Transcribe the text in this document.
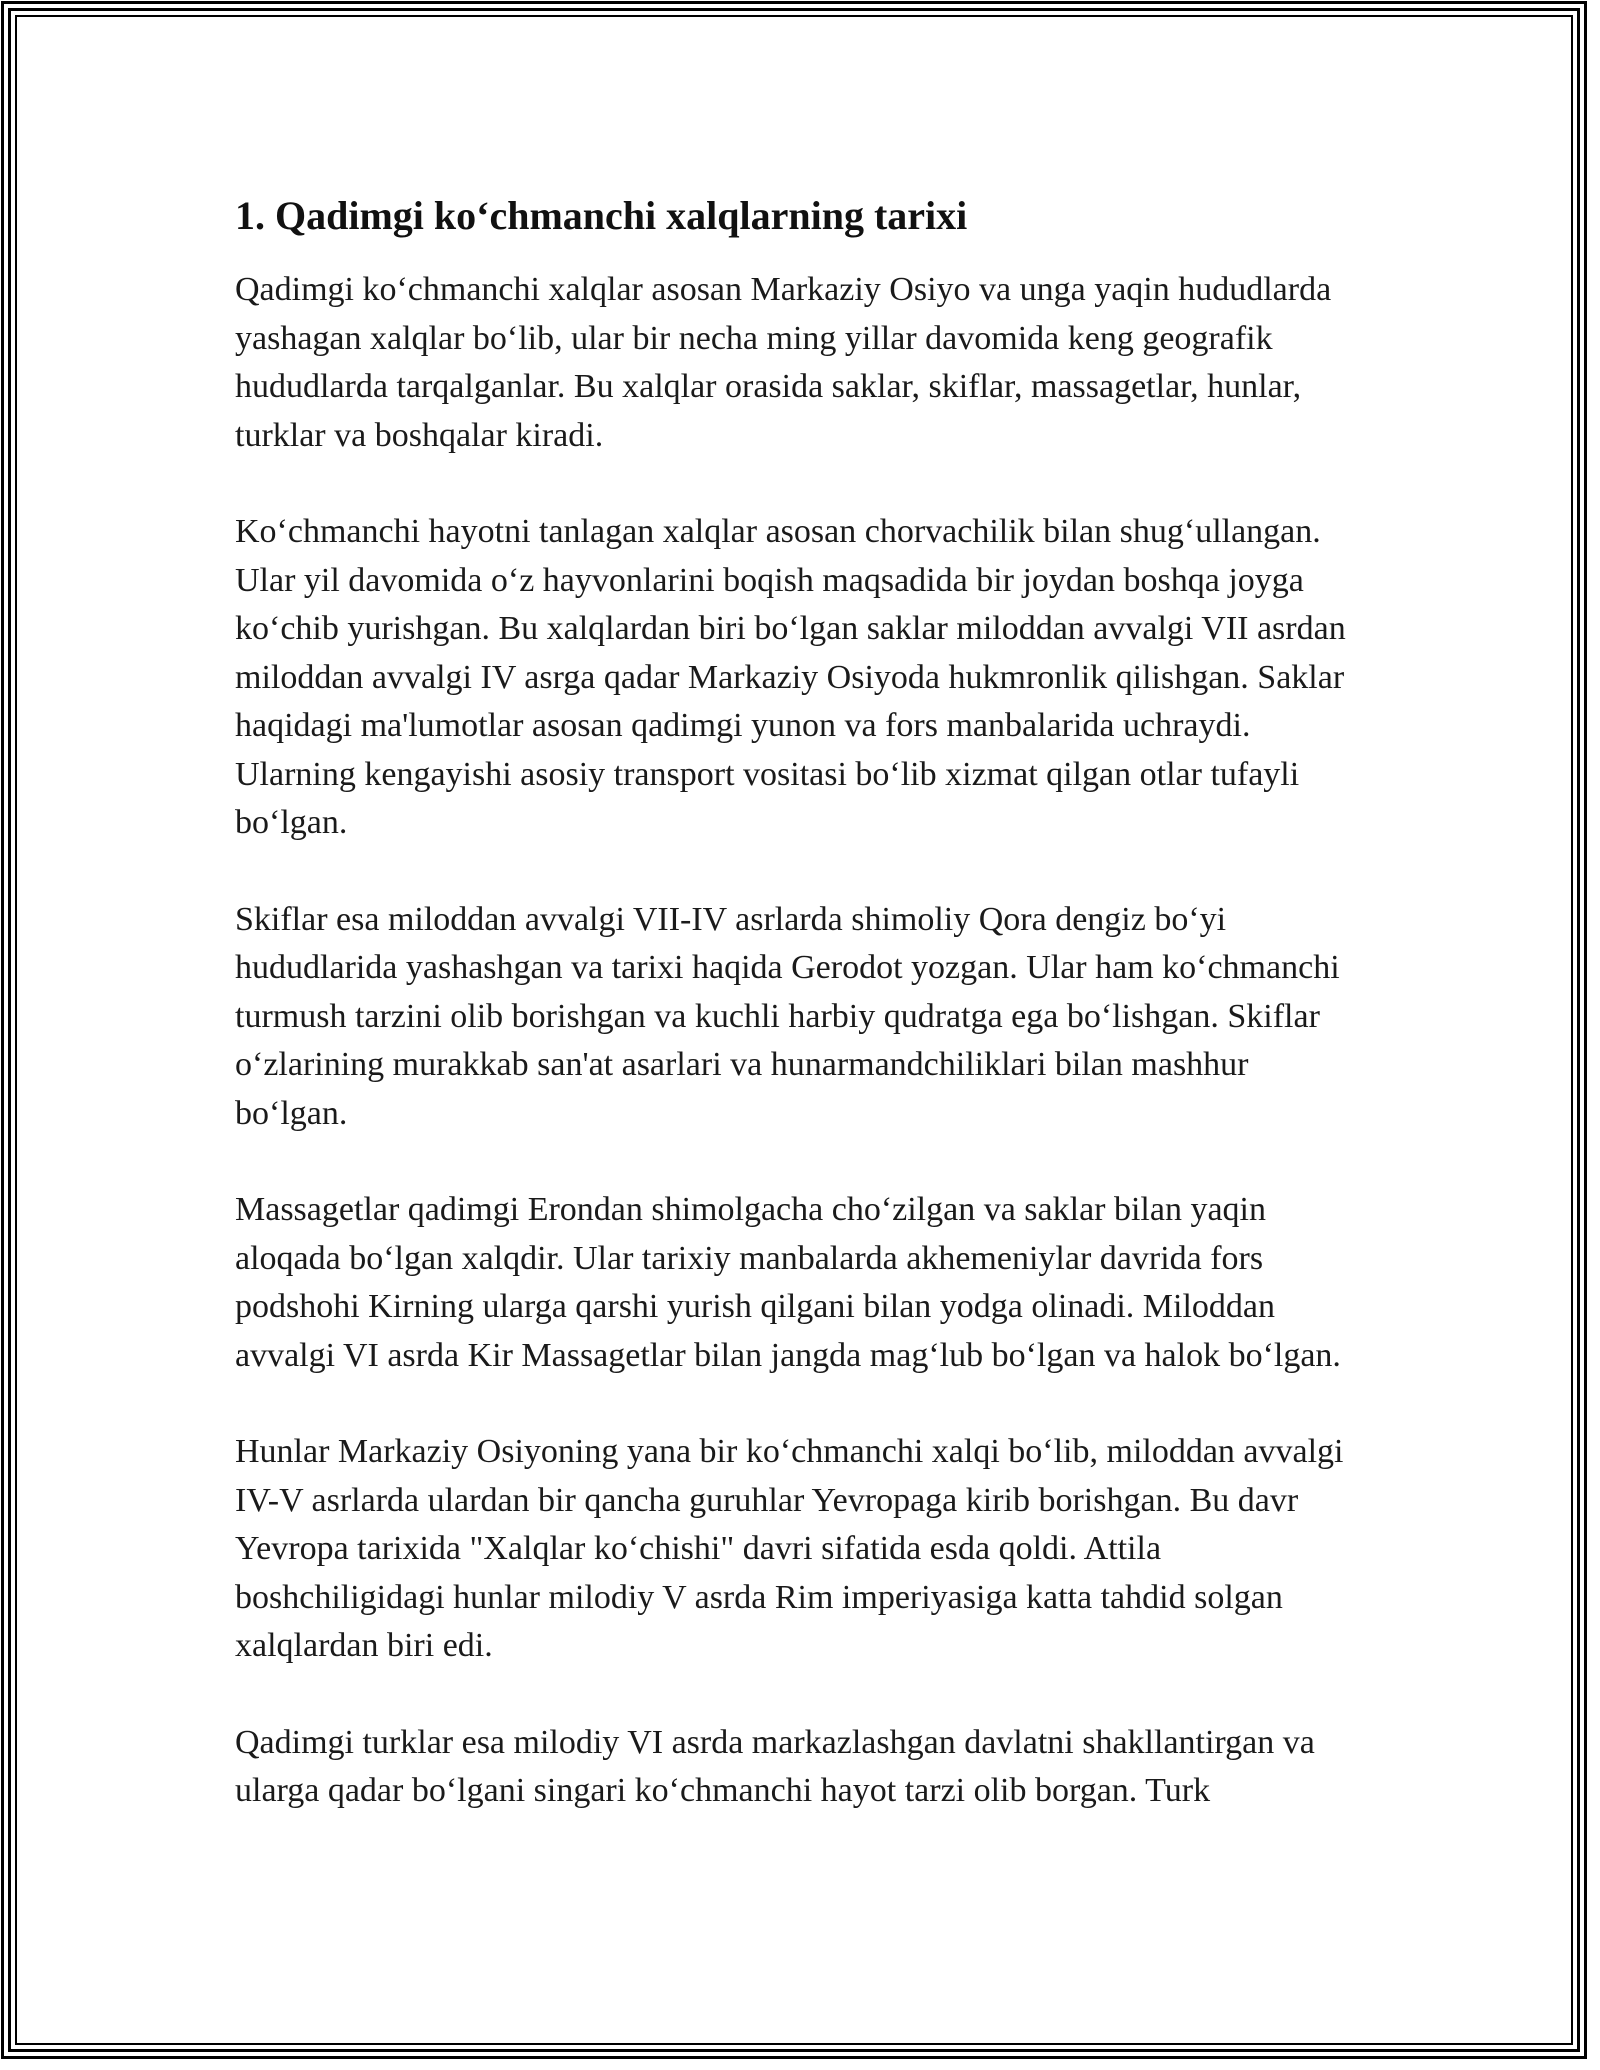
1. Qadimgi ko‘chmanchi xalqlarning tarixi

Qadimgi ko‘chmanchi xalqlar asosan Markaziy Osiyo va unga yaqin hududlarda yashagan xalqlar bo‘lib, ular bir necha ming yillar davomida keng geografik hududlarda tarqalganlar. Bu xalqlar orasida saklar, skiflar, massagetlar, hunlar, turklar va boshqalar kiradi.

Ko‘chmanchi hayotni tanlagan xalqlar asosan chorvachilik bilan shug‘ullangan. Ular yil davomida o‘z hayvonlarini boqish maqsadida bir joydan boshqa joyga ko‘chib yurishgan. Bu xalqlardan biri bo‘lgan saklar miloddan avvalgi VII asrdan miloddan avvalgi IV asrga qadar Markaziy Osiyoda hukmronlik qilishgan. Saklar haqidagi ma'lumotlar asosan qadimgi yunon va fors manbalarida uchraydi. Ularning kengayishi asosiy transport vositasi bo‘lib xizmat qilgan otlar tufayli bo‘lgan.

Skiflar esa miloddan avvalgi VII-IV asrlarda shimoliy Qora dengiz bo‘yi hududlarida yashashgan va tarixi haqida Gerodot yozgan. Ular ham ko‘chmanchi turmush tarzini olib borishgan va kuchli harbiy qudratga ega bo‘lishgan. Skiflar o‘zlarining murakkab san'at asarlari va hunarmandchiliklari bilan mashhur bo‘lgan.

Massagetlar qadimgi Erondan shimolgacha cho‘zilgan va saklar bilan yaqin aloqada bo‘lgan xalqdir. Ular tarixiy manbalarda akhemeniylar davrida fors podshohi Kirning ularga qarshi yurish qilgani bilan yodga olinadi. Miloddan avvalgi VI asrda Kir Massagetlar bilan jangda mag‘lub bo‘lgan va halok bo‘lgan.

Hunlar Markaziy Osiyoning yana bir ko‘chmanchi xalqi bo‘lib, miloddan avvalgi IV-V asrlarda ulardan bir qancha guruhlar Yevropaga kirib borishgan. Bu davr Yevropa tarixida "Xalqlar ko‘chishi" davri sifatida esda qoldi. Attila boshchiligidagi hunlar milodiy V asrda Rim imperiyasiga katta tahdid solgan xalqlardan biri edi.

Qadimgi turklar esa milodiy VI asrda markazlashgan davlatni shakllantirgan va ularga qadar bo‘lgani singari ko‘chmanchi hayot tarzi olib borgan. Turk
